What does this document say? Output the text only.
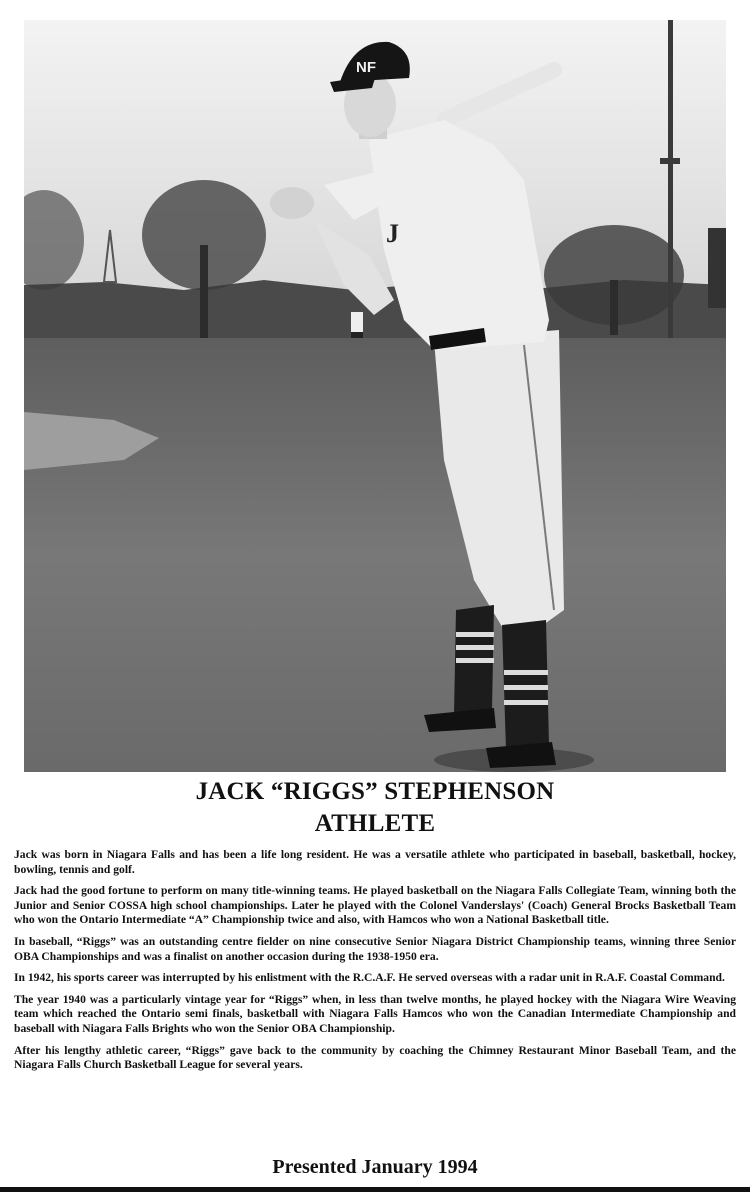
J
NF
JACK “RIGGS” STEPHENSON
ATHLETE

Jack was born in Niagara Falls and has been a life long resident. He was a versatile athlete who participated in baseball, basketball, hockey, bowling, tennis and golf.

Jack had the good fortune to perform on many title-winning teams. He played basketball on the Niagara Falls Collegiate Team, winning both the Junior and Senior COSSA high school championships. Later he played with the Colonel Vanderslays' (Coach) General Brocks Basketball Team who won the Ontario Intermediate “A” Championship twice and also, with Hamcos who won a National Basketball title.

In baseball, “Riggs” was an outstanding centre fielder on nine consecutive Senior Niagara District Championship teams, winning three Senior OBA Championships and was a finalist on another occasion during the 1938-1950 era.

In 1942, his sports career was interrupted by his enlistment with the R.C.A.F. He served overseas with a radar unit in R.A.F. Coastal Command.

The year 1940 was a particularly vintage year for “Riggs” when, in less than twelve months, he played hockey with the Niagara Wire Weaving team which reached the Ontario semi finals, basketball with Niagara Falls Hamcos who won the Canadian Intermediate Championship and baseball with Niagara Falls Brights who won the Senior OBA Championship.

After his lengthy athletic career, “Riggs” gave back to the community by coaching the Chimney Restaurant Minor Baseball Team, and the Niagara Falls Church Basketball League for several years.

Presented January 1994
